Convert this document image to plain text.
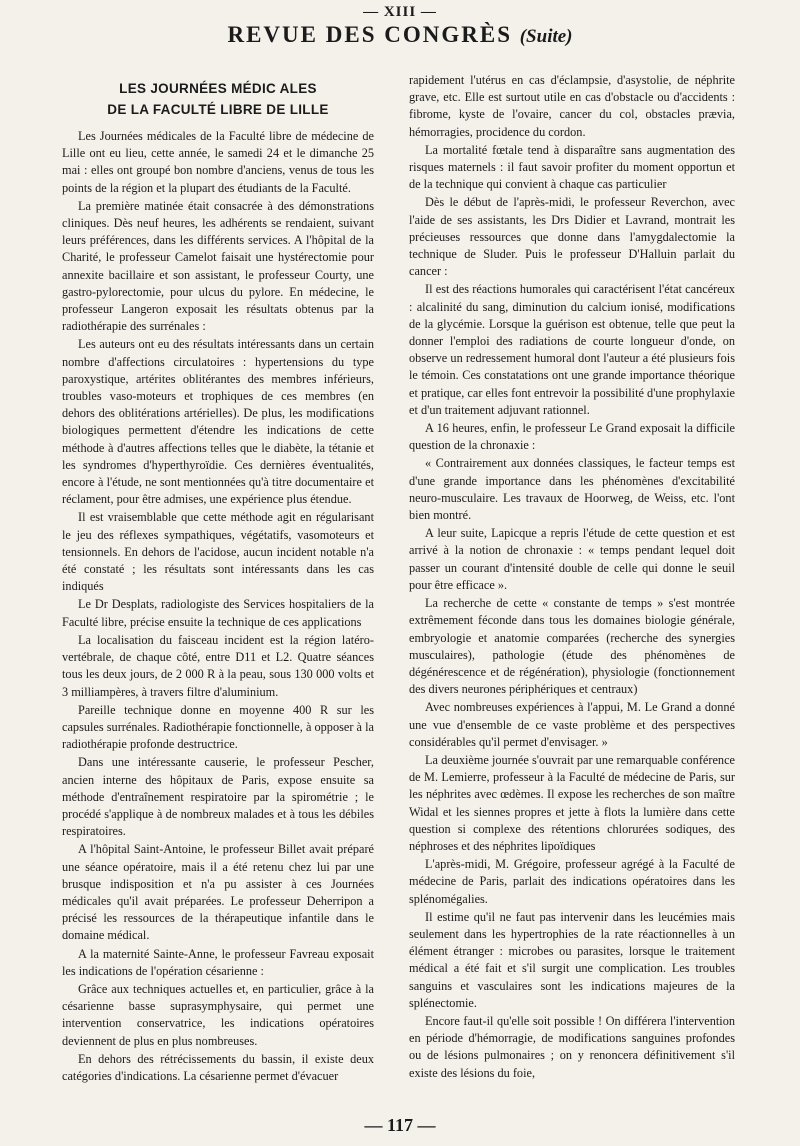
— XIII —
REVUE DES CONGRÈS (Suite)
LES JOURNÉES MÉDIC ALES
DE LA FACULTÉ LIBRE DE LILLE

Les Journées médicales de la Faculté libre de médecine de Lille ont eu lieu, cette année, le samedi 24 et le dimanche 25 mai : elles ont groupé bon nombre d'anciens, venus de tous les points de la région et la plupart des étudiants de la Faculté.

La première matinée était consacrée à des démonstrations cliniques. Dès neuf heures, les adhérents se rendaient, suivant leurs préférences, dans les différents services. A l'hôpital de la Charité, le professeur Camelot faisait une hystérectomie pour annexite bacillaire et son assistant, le professeur Courty, une gastro-pylorectomie, pour ulcus du pylore. En médecine, le professeur Langeron exposait les résultats obtenus par la radiothérapie des surrénales :

Les auteurs ont eu des résultats intéressants dans un certain nombre d'affections circulatoires : hypertensions du type paroxystique, artérites oblitérantes des membres inférieurs, troubles vaso-moteurs et trophiques de ces membres (en dehors des oblitérations artérielles). De plus, les modifications biologiques permettent d'étendre les indications de cette méthode à d'autres affections telles que le diabète, la tétanie et les syndromes d'hyperthyroïdie. Ces dernières éventualités, encore à l'étude, ne sont mentionnées qu'à titre documentaire et réclament, pour être admises, une expérience plus étendue.

Il est vraisemblable que cette méthode agit en régularisant le jeu des réflexes sympathiques, végétatifs, vasomoteurs et tensionnels. En dehors de l'acidose, aucun incident notable n'a été constaté ; les résultats sont intéressants dans les cas indiqués

Le Dr Desplats, radiologiste des Services hospitaliers de la Faculté libre, précise ensuite la technique de ces applications

La localisation du faisceau incident est la région latéro-vertébrale, de chaque côté, entre D11 et L2. Quatre séances tous les deux jours, de 2 000 R à la peau, sous 130 000 volts et 3 milliampères, à travers filtre d'aluminium.

Pareille technique donne en moyenne 400 R sur les capsules surrénales. Radiothérapie fonctionnelle, à opposer à la radiothérapie profonde destructrice.

Dans une intéressante causerie, le professeur Pescher, ancien interne des hôpitaux de Paris, expose ensuite sa méthode d'entraînement respiratoire par la spirométrie ; le procédé s'applique à de nombreux malades et à tous les débiles respiratoires.

A l'hôpital Saint-Antoine, le professeur Billet avait préparé une séance opératoire, mais il a été retenu chez lui par une brusque indisposition et n'a pu assister à ces Journées médicales qu'il avait préparées. Le professeur Deherripon a précisé les ressources de la thérapeutique infantile dans le domaine médical.

A la maternité Sainte-Anne, le professeur Favreau exposait les indications de l'opération césarienne :

Grâce aux techniques actuelles et, en particulier, grâce à la césarienne basse suprasymphysaire, qui permet une intervention conservatrice, les indications opératoires deviennent de plus en plus nombreuses.

En dehors des rétrécissements du bassin, il existe deux catégories d'indications. La césarienne permet d'évacuer

rapidement l'utérus en cas d'éclampsie, d'asystolie, de néphrite grave, etc. Elle est surtout utile en cas d'obstacle ou d'accidents : fibrome, kyste de l'ovaire, cancer du col, obstacles prævia, hémorragies, procidence du cordon.

La mortalité fœtale tend à disparaître sans augmentation des risques maternels : il faut savoir profiter du moment opportun et de la technique qui convient à chaque cas particulier

Dès le début de l'après-midi, le professeur Reverchon, avec l'aide de ses assistants, les Drs Didier et Lavrand, montrait les précieuses ressources que donne dans l'amygdalectomie la technique de Sluder. Puis le professeur D'Halluin parlait du cancer :

Il est des réactions humorales qui caractérisent l'état cancéreux : alcalinité du sang, diminution du calcium ionisé, modifications de la glycémie. Lorsque la guérison est obtenue, telle que peut la donner l'emploi des radiations de courte longueur d'onde, on observe un redressement humoral dont l'auteur a été plusieurs fois le témoin. Ces constatations ont une grande importance théorique et pratique, car elles font entrevoir la possibilité d'une prophylaxie et d'un traitement adjuvant rationnel.

A 16 heures, enfin, le professeur Le Grand exposait la difficile question de la chronaxie :

« Contrairement aux données classiques, le facteur temps est d'une grande importance dans les phénomènes d'excitabilité neuro-musculaire. Les travaux de Hoorweg, de Weiss, etc. l'ont bien montré.

A leur suite, Lapicque a repris l'étude de cette question et est arrivé à la notion de chronaxie : « temps pendant lequel doit passer un courant d'intensité double de celle qui donne le seuil pour être efficace ».

La recherche de cette « constante de temps » s'est montrée extrêmement féconde dans tous les domaines biologie générale, embryologie et anatomie comparées (recherche des synergies musculaires), pathologie (étude des phénomènes de dégénérescence et de régénération), physiologie (fonctionnement des divers neurones périphériques et centraux)

Avec nombreuses expériences à l'appui, M. Le Grand a donné une vue d'ensemble de ce vaste problème et des perspectives considérables qu'il permet d'envisager. »

La deuxième journée s'ouvrait par une remarquable conférence de M. Lemierre, professeur à la Faculté de médecine de Paris, sur les néphrites avec œdèmes. Il expose les recherches de son maître Widal et les siennes propres et jette à flots la lumière dans cette question si complexe des rétentions chlorurées sodiques, des néphroses et des néphrites lipoïdiques

L'après-midi, M. Grégoire, professeur agrégé à la Faculté de médecine de Paris, parlait des indications opératoires dans les splénomégalies.

Il estime qu'il ne faut pas intervenir dans les leucémies mais seulement dans les hypertrophies de la rate réactionnelles à un élément étranger : microbes ou parasites, lorsque le traitement médical a été fait et s'il surgit une complication. Les troubles sanguins et vasculaires sont les indications majeures de la splénectomie.

Encore faut-il qu'elle soit possible ! On différera l'intervention en période d'hémorragie, de modifications sanguines profondes ou de lésions pulmonaires ; on y renoncera définitivement s'il existe des lésions du foie,

— 117 —
